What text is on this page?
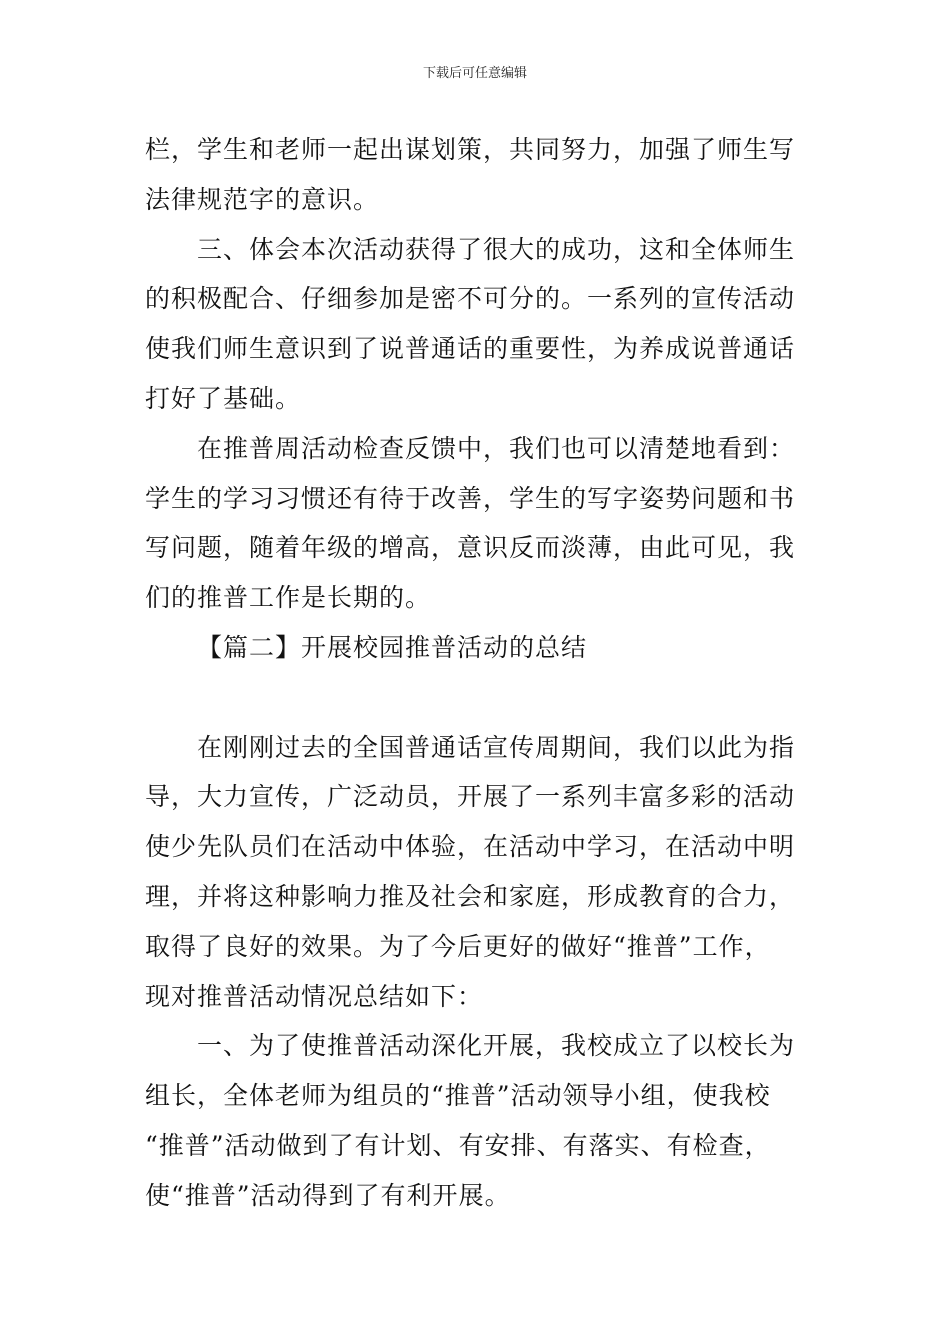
下载后可任意编辑
栏，学生和老师一起出谋划策，共同努力，加强了师生写
法律规范字的意识。
三、体会本次活动获得了很大的成功，这和全体师生
的积极配合、仔细参加是密不可分的。一系列的宣传活动
使我们师生意识到了说普通话的重要性，为养成说普通话
打好了基础。
在推普周活动检查反馈中，我们也可以清楚地看到：
学生的学习习惯还有待于改善，学生的写字姿势问题和书
写问题，随着年级的增高，意识反而淡薄，由此可见，我
们的推普工作是长期的。
【篇二】开展校园推普活动的总结
在刚刚过去的全国普通话宣传周期间，我们以此为指
导，大力宣传，广泛动员，开展了一系列丰富多彩的活动
使少先队员们在活动中体验，在活动中学习，在活动中明
理，并将这种影响力推及社会和家庭，形成教育的合力，
取得了良好的效果。为了今后更好的做好“推普”工作，
现对推普活动情况总结如下：
一、为了使推普活动深化开展，我校成立了以校长为
组长，全体老师为组员的“推普”活动领导小组，使我校
“推普”活动做到了有计划、有安排、有落实、有检查，
使“推普”活动得到了有利开展。
